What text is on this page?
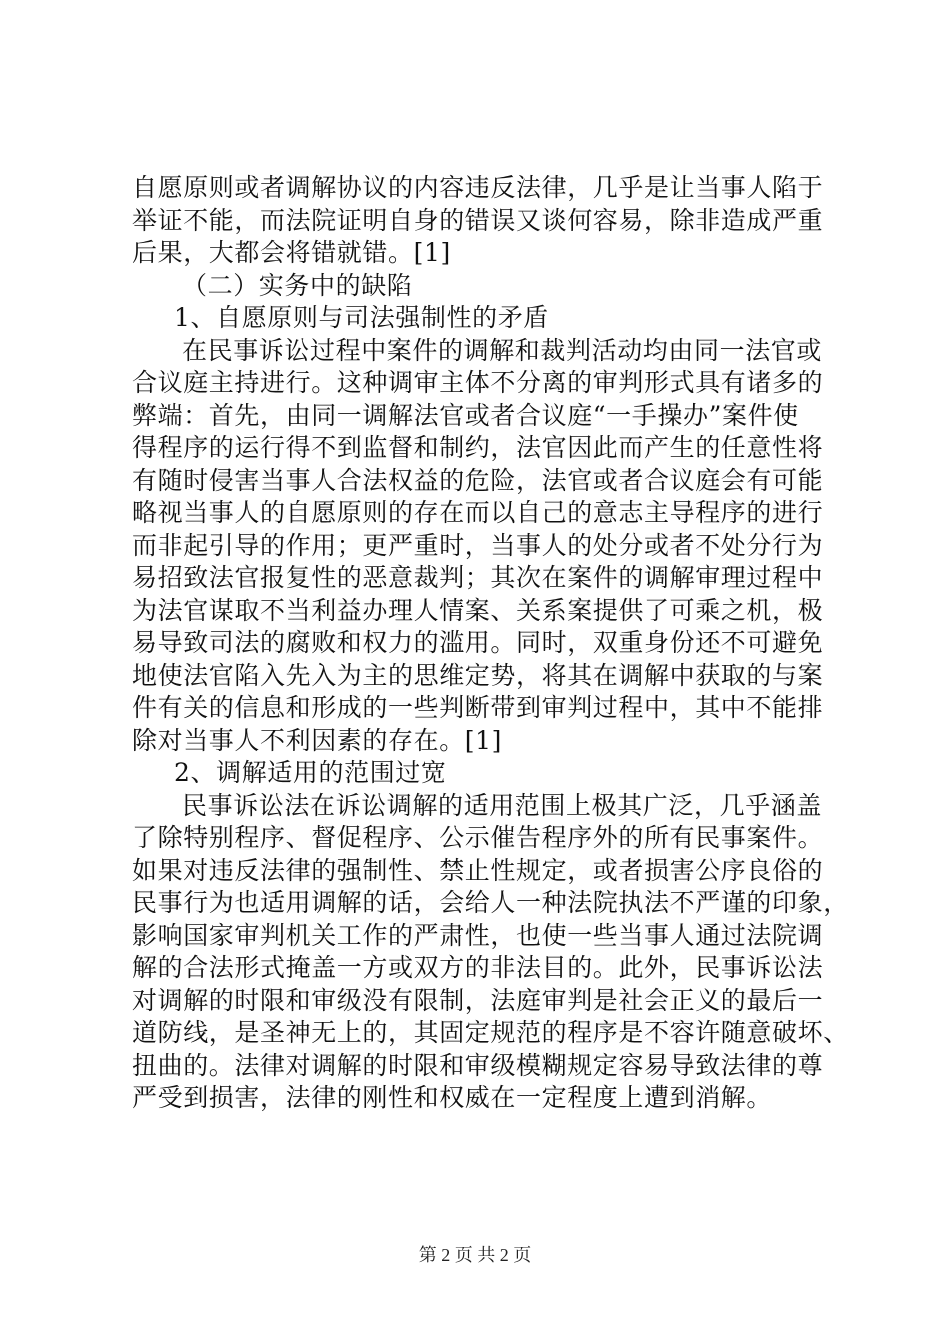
自愿原则或者调解协议的内容违反法律，几乎是让当事人陷于
举证不能，而法院证明自身的错误又谈何容易，除非造成严重
后果，大都会将错就错。[1]
（二）实务中的缺陷
1、自愿原则与司法强制性的矛盾
在民事诉讼过程中案件的调解和裁判活动均由同一法官或
合议庭主持进行。这种调审主体不分离的审判形式具有诸多的
弊端：首先，由同一调解法官或者合议庭“一手操办”案件使
得程序的运行得不到监督和制约，法官因此而产生的任意性将
有随时侵害当事人合法权益的危险，法官或者合议庭会有可能
略视当事人的自愿原则的存在而以自己的意志主导程序的进行
而非起引导的作用；更严重时，当事人的处分或者不处分行为
易招致法官报复性的恶意裁判；其次在案件的调解审理过程中
为法官谋取不当利益办理人情案、关系案提供了可乘之机，极
易导致司法的腐败和权力的滥用。同时，双重身份还不可避免
地使法官陷入先入为主的思维定势，将其在调解中获取的与案
件有关的信息和形成的一些判断带到审判过程中，其中不能排
除对当事人不利因素的存在。[1]
2、调解适用的范围过宽
民事诉讼法在诉讼调解的适用范围上极其广泛，几乎涵盖
了除特别程序、督促程序、公示催告程序外的所有民事案件。
如果对违反法律的强制性、禁止性规定，或者损害公序良俗的
民事行为也适用调解的话，会给人一种法院执法不严谨的印象，
影响国家审判机关工作的严肃性，也使一些当事人通过法院调
解的合法形式掩盖一方或双方的非法目的。此外，民事诉讼法
对调解的时限和审级没有限制，法庭审判是社会正义的最后一
道防线，是圣神无上的，其固定规范的程序是不容许随意破坏、
扭曲的。法律对调解的时限和审级模糊规定容易导致法律的尊
严受到损害，法律的刚性和权威在一定程度上遭到消解。
第 2 页 共 2 页
